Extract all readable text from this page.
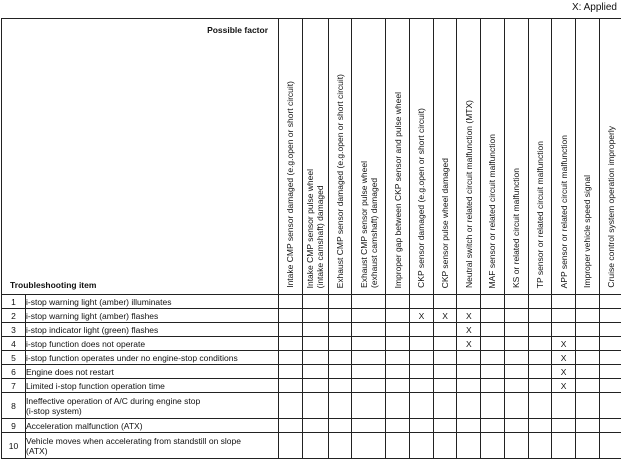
X: Applied
Possible factor
Troubleshooting item		Intake CMP sensor damaged (e.g.open or short circuit)	Intake CMP sensor pulse wheel
(intake camshaft) damaged	Exhaust CMP sensor damaged (e.g.open or short circuit)	Exhaust CMP sensor pulse wheel
(exhaust camshaft) damaged	Improper gap between CKP sensor and pulse wheel	CKP sensor damaged (e.g.open or short circuit)	CKP sensor pulse wheel damaged	Neutral switch or related circuit malfunction (MTX)	MAF sensor or related circuit malfunction	KS or related circuit malfunction	TP sensor or related circuit malfunction	APP sensor or related circuit malfunction	Improper vehicle speed signal	Cruise control system operation improperly

1	i-stop warning light (amber) illuminates														
2	i-stop warning light (amber) flashes						X	X	X						
3	i-stop indicator light (green) flashes								X						
4	i-stop function does not operate								X				X		
5	i-stop function operates under no engine-stop conditions												X		
6	Engine does not restart												X		
7	Limited i-stop function operation time												X		
8	Ineffective operation of A/C during engine stop
(i-stop system)														
9	Acceleration malfunction (ATX)														
10	Vehicle moves when accelerating from standstill on slope
(ATX)														
